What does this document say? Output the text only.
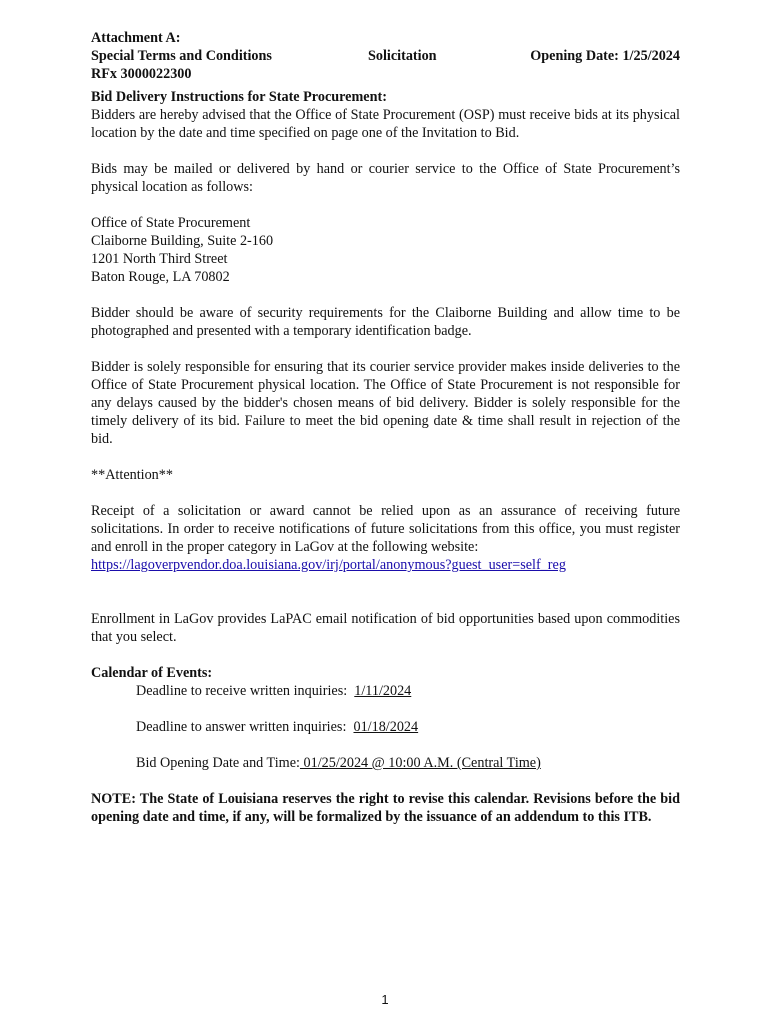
Attachment A:
Special Terms and Conditions	Solicitation	Opening Date: 1/25/2024
RFx 3000022300

Bid Delivery Instructions for State Procurement:

Bidders are hereby advised that the Office of State Procurement (OSP) must receive bids at its physical location by the date and time specified on page one of the Invitation to Bid.

Bids may be mailed or delivered by hand or courier service to the Office of State Procurement’s physical location as follows:

Office of State Procurement
Claiborne Building, Suite 2-160
1201 North Third Street
Baton Rouge, LA 70802

Bidder should be aware of security requirements for the Claiborne Building and allow time to be photographed and presented with a temporary identification badge.

Bidder is solely responsible for ensuring that its courier service provider makes inside deliveries to the Office of State Procurement physical location. The Office of State Procurement is not responsible for any delays caused by the bidder's chosen means of bid delivery. Bidder is solely responsible for the timely delivery of its bid. Failure to meet the bid opening date & time shall result in rejection of the bid.

**Attention**

Receipt of a solicitation or award cannot be relied upon as an assurance of receiving future solicitations. In order to receive notifications of future solicitations from this office, you must register and enroll in the proper category in LaGov at the following website:

https://lagoverpvendor.doa.louisiana.gov/irj/portal/anonymous?guest_user=self_reg

Enrollment in LaGov provides LaPAC email notification of bid opportunities based upon commodities that you select.

Calendar of Events:

Deadline to receive written inquiries: 1/11/2024
Deadline to answer written inquiries: 01/18/2024
Bid Opening Date and Time: 01/25/2024 @ 10:00 A.M. (Central Time)

NOTE: The State of Louisiana reserves the right to revise this calendar. Revisions before the bid opening date and time, if any, will be formalized by the issuance of an addendum to this ITB.

1
